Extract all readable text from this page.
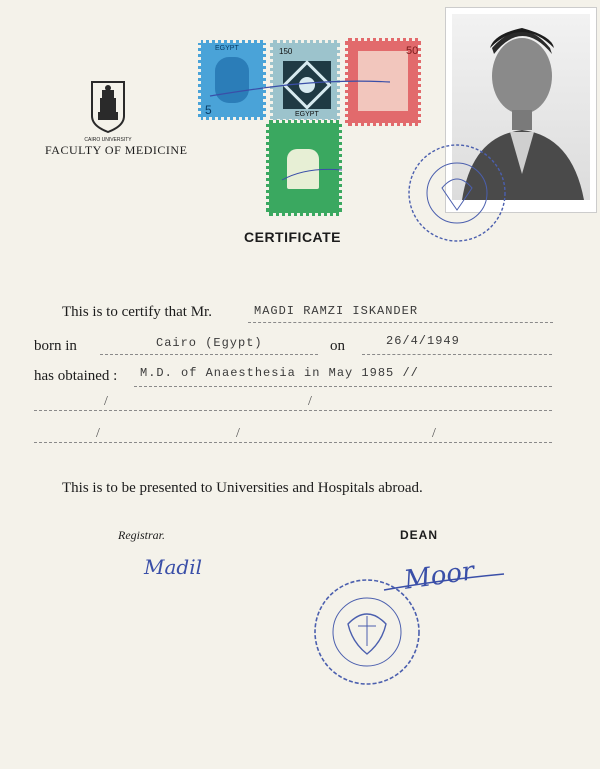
CAIRO UNIVERSITY
FACULTY OF MEDICINE
EGYPT
5
150
EGYPT
50
CERTIFICATE
This is to certify that Mr.	MAGDI RAMZI ISKANDER
born in	Cairo (Egypt)	on	26/4/1949
has obtained : M.D. of Anaesthesia in May 1985 //
/	/
/	/	/
This is to be presented to Universities and Hospitals abroad.
Registrar.
Madil
DEAN
Moor
